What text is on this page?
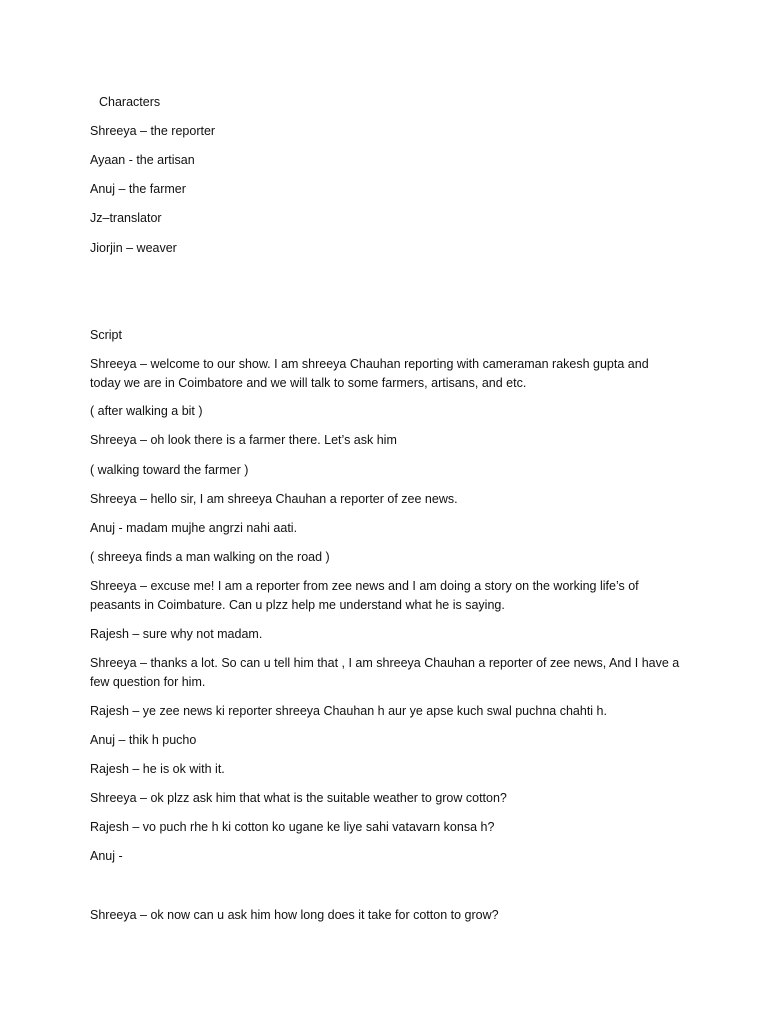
Characters
Shreeya – the reporter
Ayaan - the artisan
Anuj – the farmer
Jz–translator
Jiorjin – weaver
Script
Shreeya – welcome to our show. I am shreeya Chauhan reporting with cameraman rakesh gupta and today we are in Coimbatore and we will talk to some farmers, artisans, and etc.
( after walking a bit )
Shreeya – oh look there is a farmer there. Let’s ask him
( walking toward the farmer )
Shreeya – hello sir, I am shreeya Chauhan a reporter of zee news.
Anuj - madam mujhe angrzi nahi aati.
( shreeya finds a man walking on the road )
Shreeya – excuse me! I am a reporter from zee news and I am doing a story on the working life’s of peasants in Coimbature. Can u plzz help me understand what he is saying.
Rajesh – sure why not madam.
Shreeya – thanks a lot. So can u tell him that , I am shreeya Chauhan a reporter of zee news, And I have a few question for him.
Rajesh – ye zee news ki reporter shreeya Chauhan h aur ye apse kuch swal puchna chahti h.
Anuj – thik h pucho
Rajesh – he is ok with it.
Shreeya – ok plzz ask him that what is the suitable weather to grow cotton?
Rajesh – vo puch rhe h ki cotton ko ugane ke liye sahi vatavarn konsa h?
Anuj -
Shreeya – ok now can u ask him how long does it take for cotton to grow?
